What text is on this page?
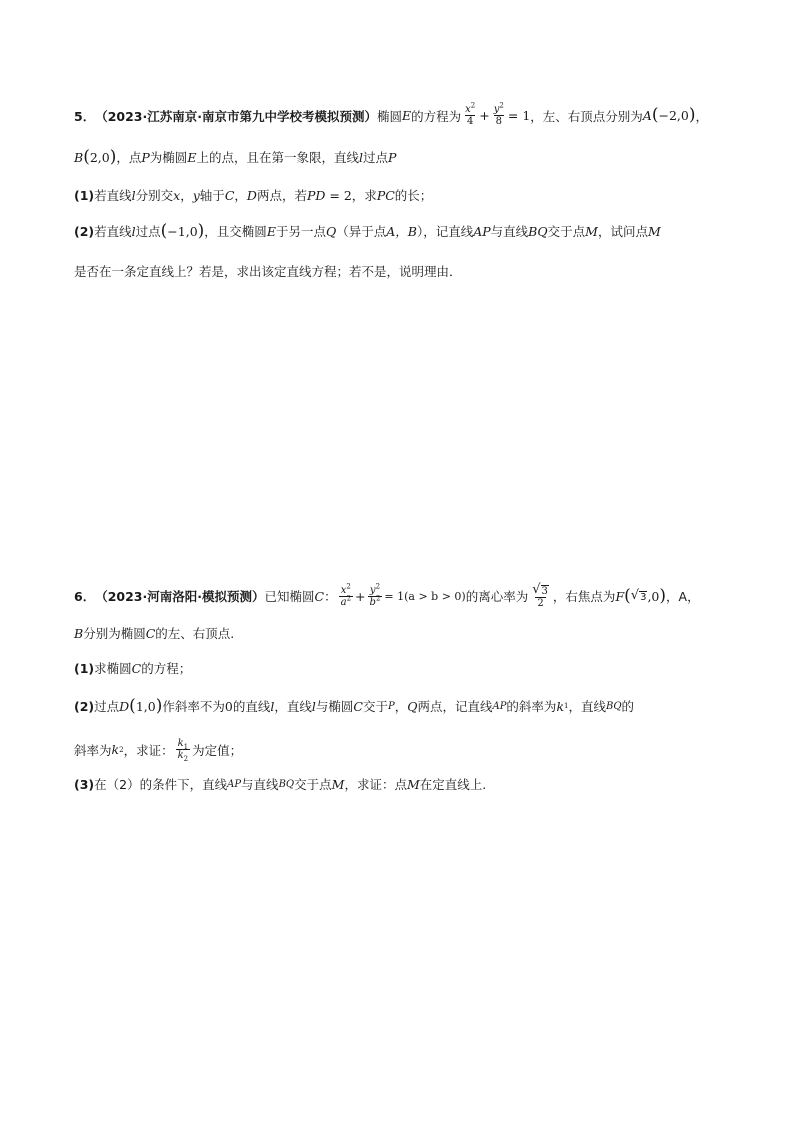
5． （2023·江苏南京·南京市第九中学校考模拟预测） 椭圆 E 的方程为 $\frac{x^2}{4} + \frac{y^2}{8} = 1$ ，左、右顶点分别为 A ( −2,0 ) ，
B ( 2,0 ) ，点 P 为椭圆 E 上的点，且在第一象限，直线 l 过点 P
(1) 若直线 l 分别交 x ， y 轴于 C ， D 两点，若 PD = 2 ，求 PC 的长；
(2) 若直线 l 过点 ( −1,0 ) ，且交椭圆 E 于另一点 Q （异于点 A，B ），记直线 AP 与直线 BQ 交于点 M ，试问点 M
是否在一条定直线上？若是，求出该定直线方程；若不是，说明理由．
6． （2023·河南洛阳·模拟预测） 已知椭圆 C ： $\frac{x^2}{a^2} + \frac{y^2}{b^2} = 1(a > b > 0)$ 的离心率为 $\frac{√ 3}{2}$ ，右焦点为 F ( √ 3 ,0 ) ，A，
B 分别为椭圆 C 的左、右顶点.
(1) 求椭圆 C 的方程；
(2) 过点 D ( 1,0 ) 作斜率不为 0 的直线 l ，直线 l 与椭圆 C 交于 P ， Q 两点，记直线 AP 的斜率为 k 1 ，直线 BQ 的
斜率为 k 2 ，求证： $\frac{k_1}{k_2}$ 为定值；
(3) 在（2）的条件下，直线 AP 与直线 BQ 交于点 M ，求证：点 M 在定直线上.
